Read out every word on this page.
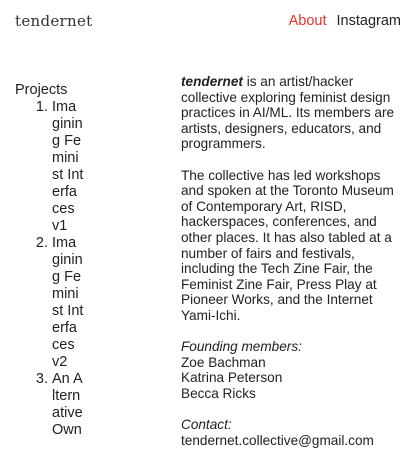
tendernet	About Instagram
Projects
1 . Imagining Feminist Interfaces v1
2 . Imagining Feminist Interfaces v2
3 . An Alternative Own

tendernet is an artist/hacker collective exploring feminist design practices in AI/ML. Its members are artists, designers, educators, and programmers.

The collective has led workshops and spoken at the Toronto Museum of Contemporary Art, RISD, hackerspaces, conferences, and other places. It has also tabled at a number of fairs and festivals, including the Tech Zine Fair, the Feminist Zine Fair, Press Play at Pioneer Works, and the Internet Yami-Ichi.

Founding members:
Zoe Bachman
Katrina Peterson
Becca Ricks

Contact:
tendernet.collective@gmail.com
